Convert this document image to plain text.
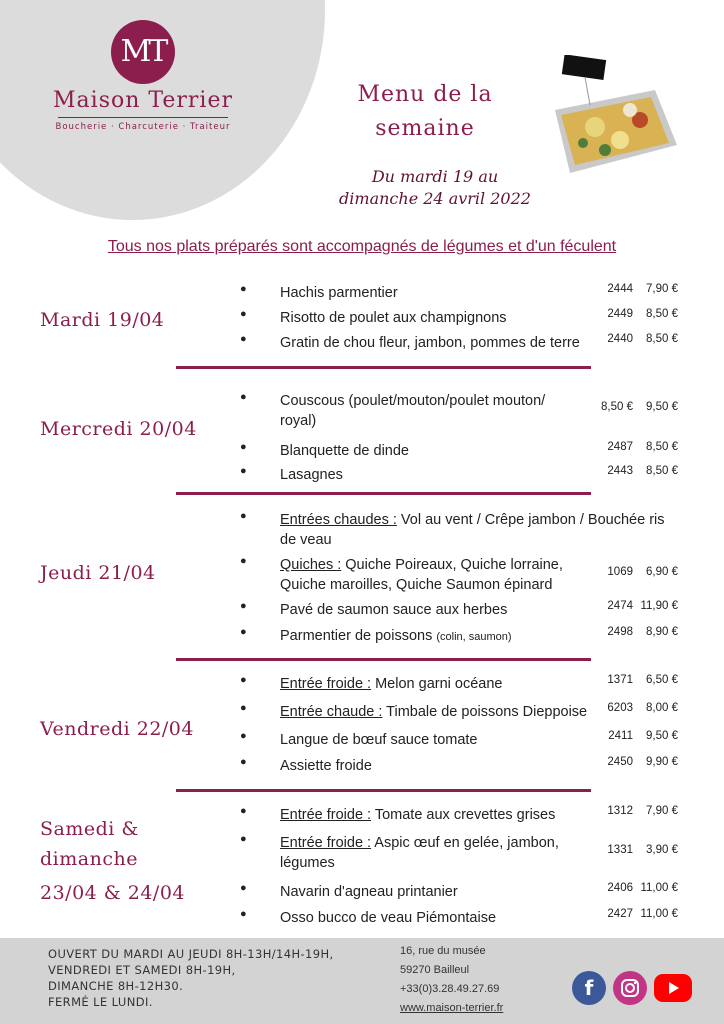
MT
Maison Terrier
Boucherie · Charcuterie · Traiteur
Menu de la
semaine
Du mardi 19 au
dimanche 24 avril 2022
Tous nos plats préparés sont accompagnés de légumes et d'un féculent
Mardi 19/04
●	Hachis parmentier	2444	7,90 €
●	Risotto de poulet aux champignons	2449	8,50 €
●	Gratin de chou fleur, jambon, pommes de terre	2440	8,50 €
Mercredi 20/04
●	Couscous (poulet/mouton/poulet mouton/ royal)
8,50 €	9,50 €
●	Blanquette de dinde	2487	8,50 €
●	Lasagnes	2443	8,50 €
Jeudi 21/04
●	Entrées chaudes : Vol au vent / Crêpe jambon / Bouchée ris de veau
●	Quiches : Quiche Poireaux, Quiche lorraine, Quiche maroilles, Quiche Saumon épinard
1069	6,90 €
●	Pavé de saumon sauce aux herbes	2474 11,90 €
●	Parmentier de poissons (colin, saumon)	2498	8,90 €
Vendredi 22/04
●	Entrée froide : Melon garni océane	1371	6,50 €
●	Entrée chaude : Timbale de poissons Dieppoise	6203	8,00 €
●	Langue de bœuf sauce tomate	2411	9,50 €
●	Assiette froide	2450	9,90 €
Samedi &
dimanche
23/04 & 24/04
●	Entrée froide : Tomate aux crevettes grises	1312	7,90 €
●	Entrée froide : Aspic œuf en gelée, jambon, légumes
1331	3,90 €
●	Navarin d'agneau printanier	2406 11,00 €
●	Osso bucco de veau Piémontaise	2427 11,00 €
OUVERT DU MARDI AU JEUDI 8H-13H/14H-19H,
VENDREDI ET SAMEDI 8H-19H,
DIMANCHE 8H-12H30.
FERMÉ LE LUNDI.
16, rue du musée
59270 Bailleul
+33(0)3.28.49.27.69
www.maison-terrier.fr
f
